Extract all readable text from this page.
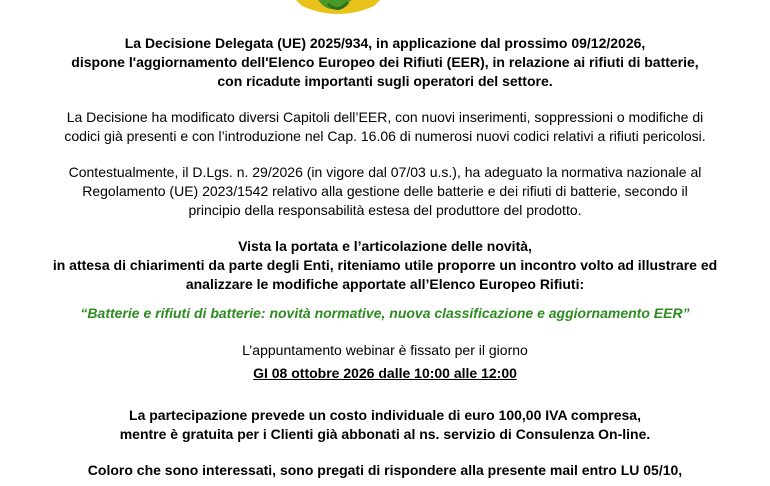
La Decisione Delegata (UE) 2025/934, in applicazione dal prossimo 09/12/2026,
dispone l'aggiornamento dell'Elenco Europeo dei Rifiuti (EER), in relazione ai rifiuti di batterie,
con ricadute importanti sugli operatori del settore.
La Decisione ha modificato diversi Capitoli dell’EER, con nuovi inserimenti, soppressioni o modifiche di
codici già presenti e con l’introduzione nel Cap. 16.06 di numerosi nuovi codici relativi a rifiuti pericolosi.
Contestualmente, il D.Lgs. n. 29/2026 (in vigore dal 07/03 u.s.), ha adeguato la normativa nazionale al
Regolamento (UE) 2023/1542 relativo alla gestione delle batterie e dei rifiuti di batterie, secondo il
principio della responsabilità estesa del produttore del prodotto.
Vista la portata e l’articolazione delle novità,
in attesa di chiarimenti da parte degli Enti, riteniamo utile proporre un incontro volto ad illustrare ed
analizzare le modifiche apportate all’Elenco Europeo Rifiuti:
“Batterie e rifiuti di batterie: novità normative, nuova classificazione e aggiornamento EER”
L’appuntamento webinar è fissato per il giorno
GI 08 ottobre 2026 dalle 10:00 alle 12:00
La partecipazione prevede un costo individuale di euro 100,00 IVA compresa,
mentre è gratuita per i Clienti già abbonati al ns. servizio di Consulenza On-line.
Coloro che sono interessati, sono pregati di rispondere alla presente mail entro LU 05/10,
